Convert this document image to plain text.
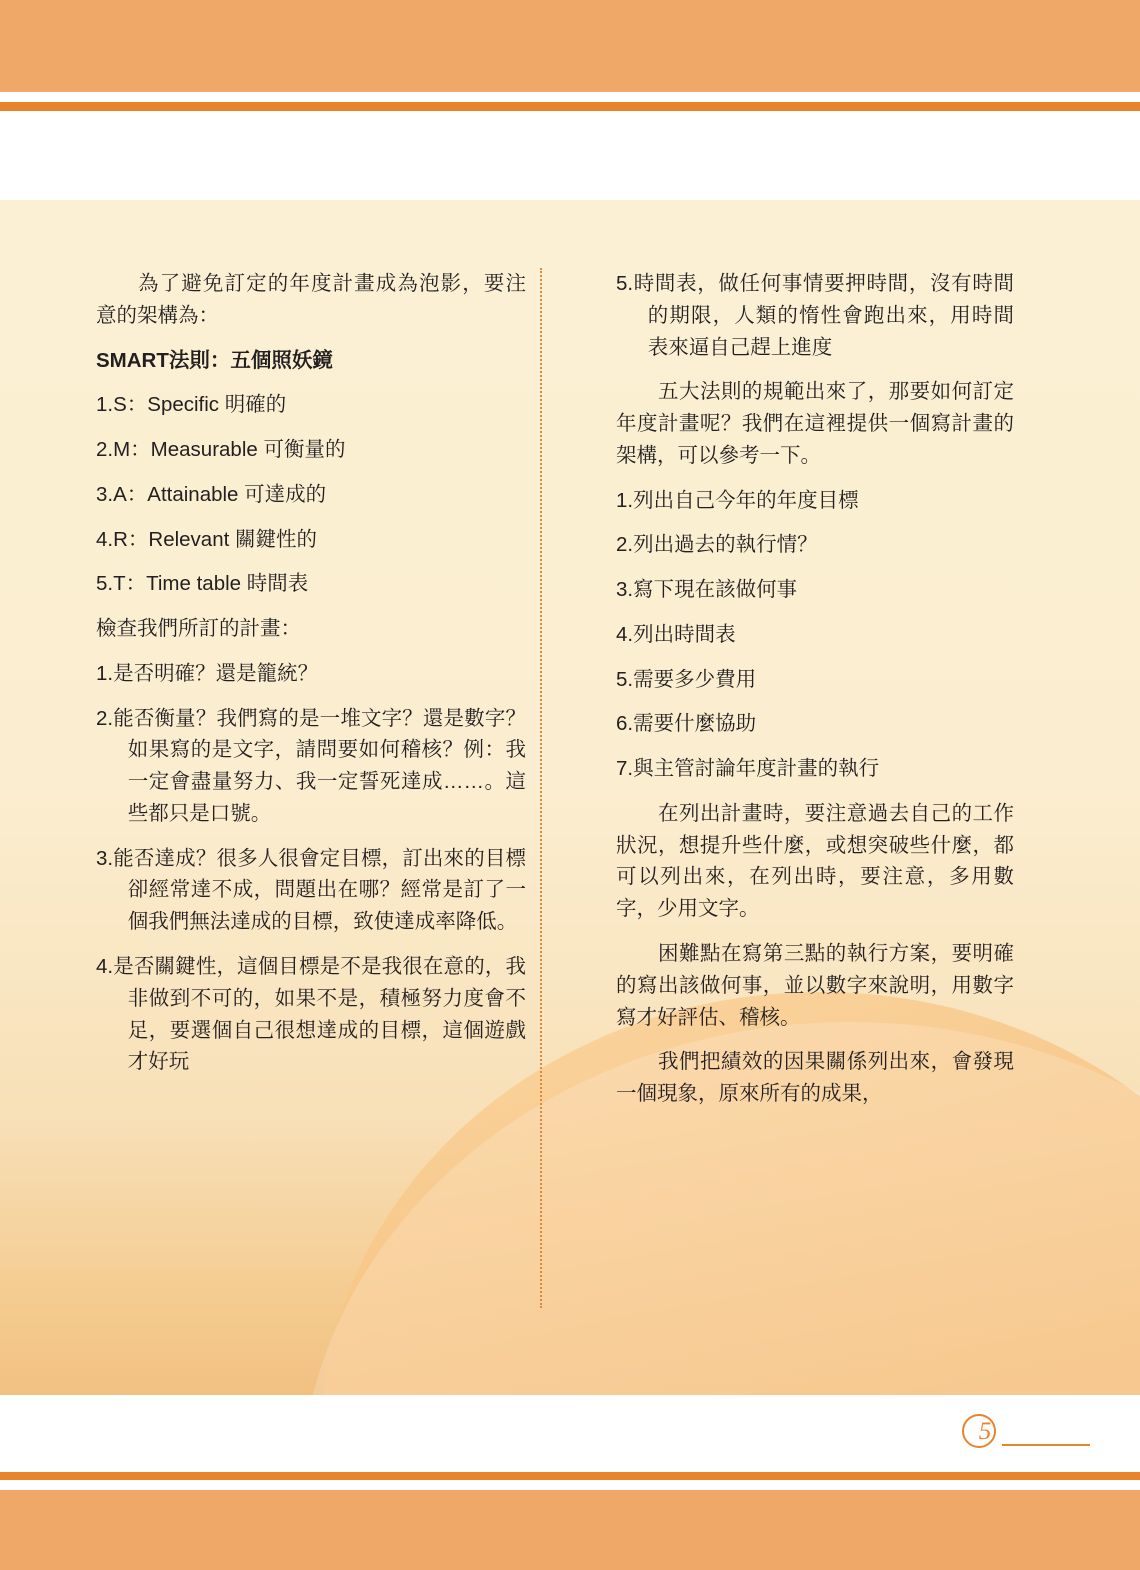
為了避免訂定的年度計畫成為泡影，要注意的架構為：

SMART法則：五個照妖鏡

1.S：Specific 明確的

2.M：Measurable 可衡量的

3.A：Attainable 可達成的

4.R：Relevant 關鍵性的

5.T：Time table 時間表

檢查我們所訂的計畫：

1.是否明確？還是籠統？

2.能否衡量？我們寫的是一堆文字？還是數字？如果寫的是文字，請問要如何稽核？例：我一定會盡量努力、我一定誓死達成……。這些都只是口號。

3.能否達成？很多人很會定目標，訂出來的目標卻經常達不成，問題出在哪？經常是訂了一個我們無法達成的目標，致使達成率降低。

4.是否關鍵性，這個目標是不是我很在意的，我非做到不可的，如果不是，積極努力度會不足，要選個自己很想達成的目標，這個遊戲才好玩

5.時間表，做任何事情要押時間，沒有時間的期限，人類的惰性會跑出來，用時間表來逼自己趕上進度

五大法則的規範出來了，那要如何訂定年度計畫呢？我們在這裡提供一個寫計畫的架構，可以參考一下。

1.列出自己今年的年度目標

2.列出過去的執行情？

3.寫下現在該做何事

4.列出時間表

5.需要多少費用

6.需要什麼協助

7.與主管討論年度計畫的執行

在列出計畫時，要注意過去自己的工作狀況，想提升些什麼，或想突破些什麼，都可以列出來，在列出時，要注意，多用數字，少用文字。

困難點在寫第三點的執行方案，要明確的寫出該做何事，並以數字來說明，用數字寫才好評估、稽核。

我們把績效的因果關係列出來，會發現一個現象，原來所有的成果，

5
